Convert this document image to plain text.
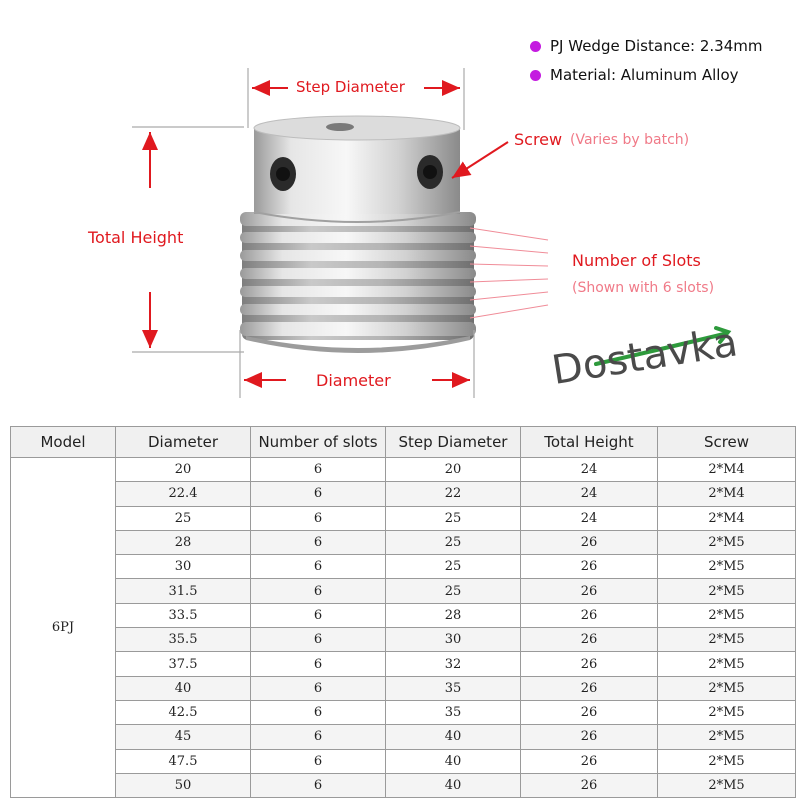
Step Diameter
Total Height
Diameter
Screw (Varies by batch)
Number of Slots
(Shown with 6 slots)
PJ Wedge Distance: 2.34mm
Material: Aluminum Alloy
Dostavka
Model	Diameter	Number of slots	Step Diameter	Total Height	Screw
6PJ	20	6	20	24	2*M4
	22.4	6	22	24	2*M4
	25	6	25	24	2*M4
	28	6	25	26	2*M5
	30	6	25	26	2*M5
	31.5	6	25	26	2*M5
	33.5	6	28	26	2*M5
	35.5	6	30	26	2*M5
	37.5	6	32	26	2*M5
	40	6	35	26	2*M5
	42.5	6	35	26	2*M5
	45	6	40	26	2*M5
	47.5	6	40	26	2*M5
	50	6	40	26	2*M5
